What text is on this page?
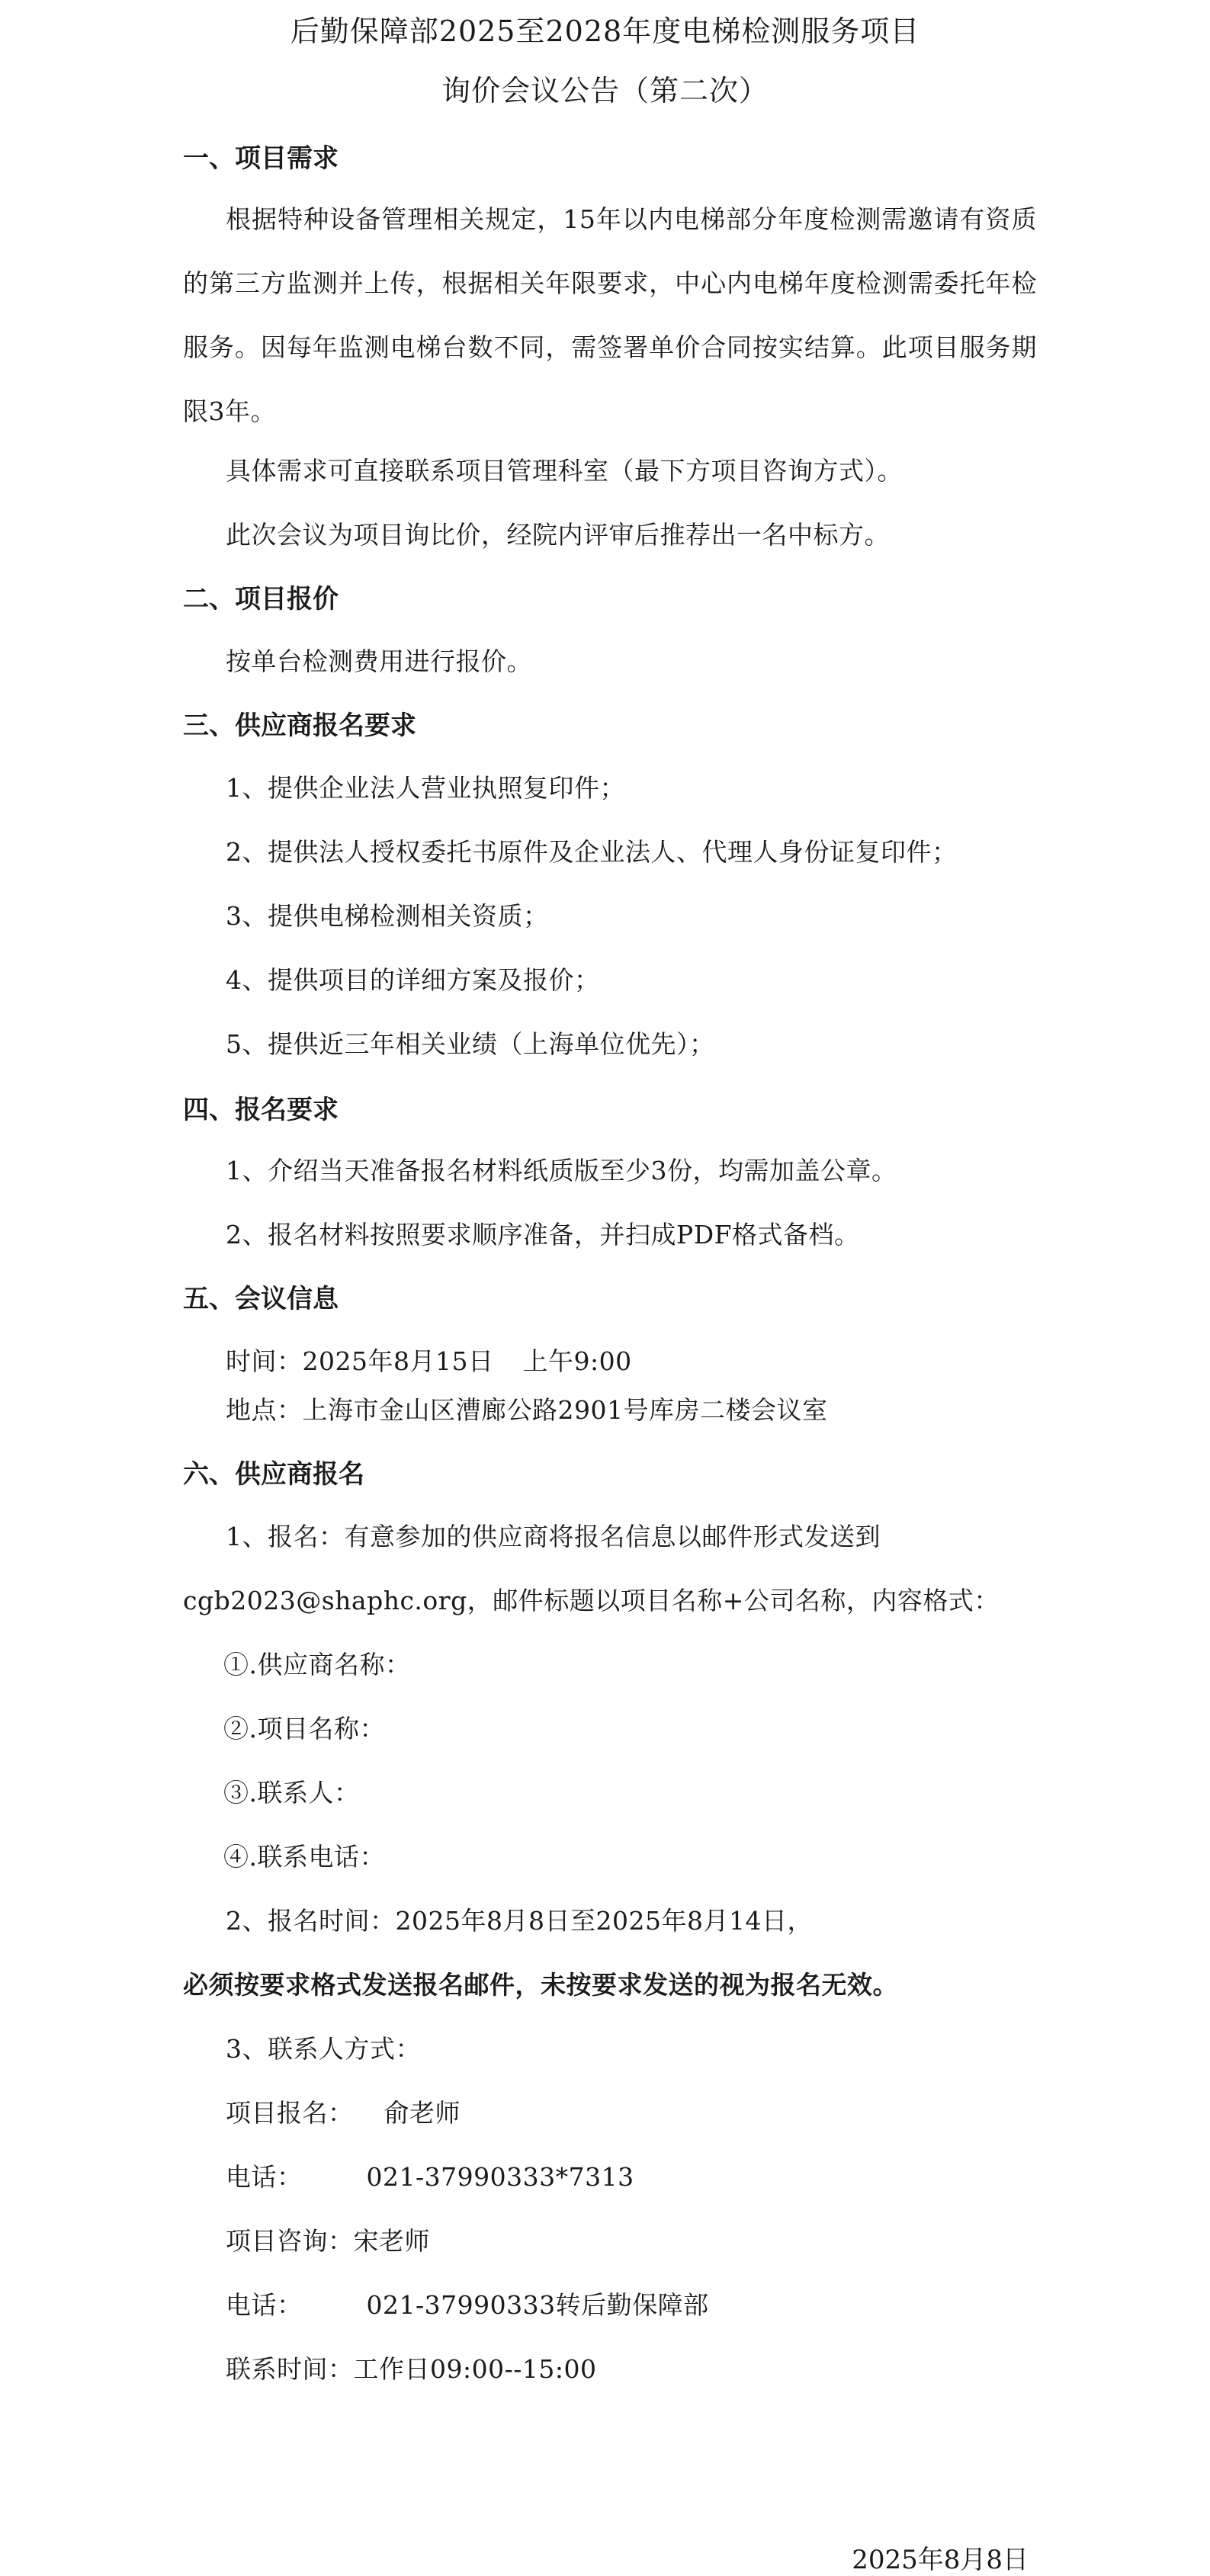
后勤保障部2025至2028年度电梯检测服务项目
询价会议公告（第二次）
一、项目需求
根据特种设备管理相关规定，15年以内电梯部分年度检测需邀请有资质的第三方监测并上传，根据相关年限要求，中心内电梯年度检测需委托年检服务。因每年监测电梯台数不同，需签署单价合同按实结算。此项目服务期限3年。
具体需求可直接联系项目管理科室（最下方项目咨询方式）。
此次会议为项目询比价，经院内评审后推荐出一名中标方。
二、项目报价
按单台检测费用进行报价。
三、供应商报名要求
1、提供企业法人营业执照复印件；
2、提供法人授权委托书原件及企业法人、代理人身份证复印件；
3、提供电梯检测相关资质；
4、提供项目的详细方案及报价；
5、提供近三年相关业绩（上海单位优先）；
四、报名要求
1、介绍当天准备报名材料纸质版至少3份，均需加盖公章。
2、报名材料按照要求顺序准备，并扫成PDF格式备档。
五、会议信息
时间：2025年8月15日 上午9:00
地点：上海市金山区漕廊公路2901号库房二楼会议室
六、供应商报名
1、报名：有意参加的供应商将报名信息以邮件形式发送到
cgb2023@shaphc.org，邮件标题以项目名称+公司名称，内容格式：
①.供应商名称：
②.项目名称：
③.联系人：
④.联系电话：
2、报名时间：2025年8月8日至2025年8月14日，
必须按要求格式发送报名邮件，未按要求发送的视为报名无效。
3、联系人方式：
项目报名： 俞老师
电话：	021-37990333*7313
项目咨询：宋老师
电话：	021-37990333转后勤保障部
联系时间：工作日09:00--15:00
2025年8月8日
